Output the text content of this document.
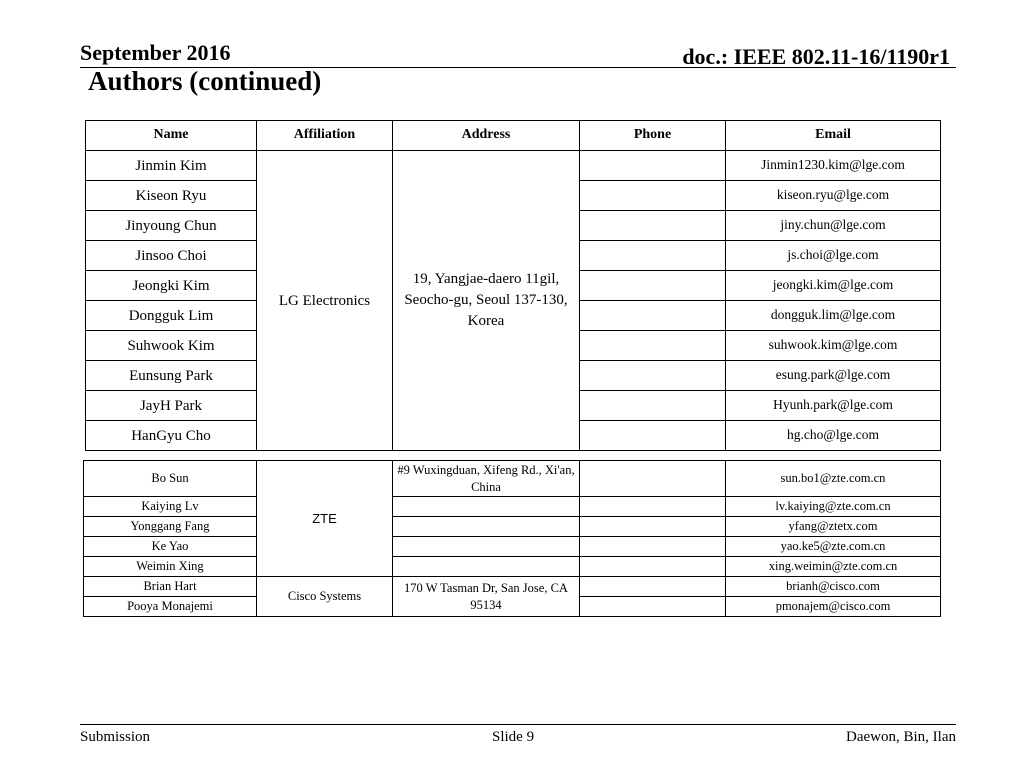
September 2016	doc.: IEEE 802.11-16/1190r1
Authors (continued)
Name	Affiliation	Address	Phone	Email
Jinmin Kim	LG Electronics	19, Yangjae-daero 11gil, Seocho-gu, Seoul 137-130, Korea		Jinmin1230.kim@lge.com
Kiseon Ryu				kiseon.ryu@lge.com
Jinyoung Chun				jiny.chun@lge.com
Jinsoo Choi				js.choi@lge.com
Jeongki Kim				jeongki.kim@lge.com
Dongguk Lim				dongguk.lim@lge.com
Suhwook Kim				suhwook.kim@lge.com
Eunsung Park				esung.park@lge.com
JayH Park				Hyunh.park@lge.com
HanGyu Cho				hg.cho@lge.com
Bo Sun	ZTE	#9 Wuxingduan, Xifeng Rd., Xi'an, China		sun.bo1@zte.com.cn
Kaiying Lv				lv.kaiying@zte.com.cn
Yonggang Fang				yfang@ztetx.com
Ke Yao				yao.ke5@zte.com.cn
Weimin Xing				xing.weimin@zte.com.cn
Brian Hart	Cisco Systems	170 W Tasman Dr, San Jose, CA 95134		brianh@cisco.com
Pooya Monajemi				pmonajem@cisco.com
Submission	Slide 9	Daewon, Bin, Ilan
